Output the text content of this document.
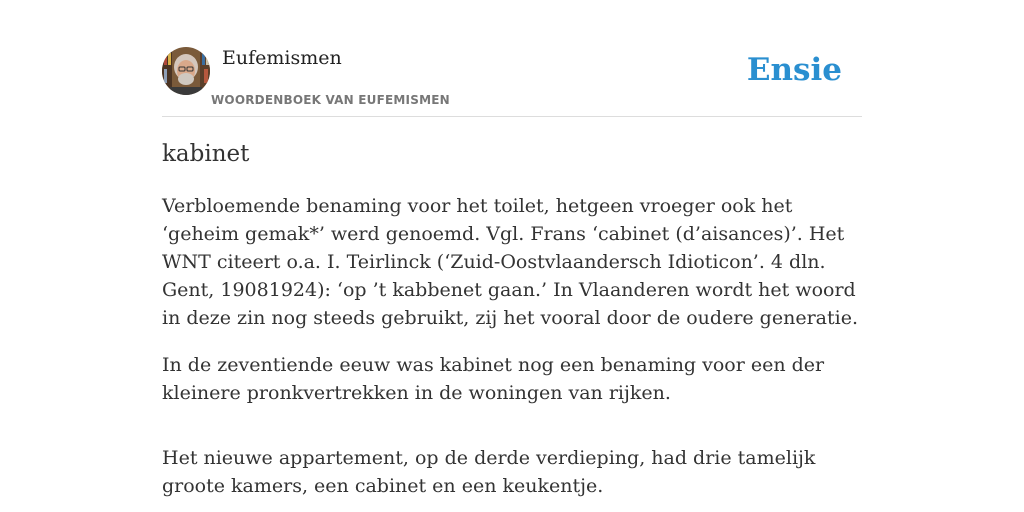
Eufemismen
WOORDENBOEK VAN EUFEMISMEN
Ensie
kabinet

Verbloemende benaming voor het toilet, hetgeen vroeger ook het ‘geheim gemak*’ werd genoemd. Vgl. Frans ‘cabinet (d’aisances)’. Het WNT citeert o.a. I. Teirlinck (‘Zuid-Oostvlaandersch Idioticon’. 4 dln. Gent, 19081924): ‘op ’t kabbenet gaan.’ In Vlaanderen wordt het woord in deze zin nog steeds gebruikt, zij het vooral door de oudere generatie.

In de zeventiende eeuw was kabinet nog een benaming voor een der kleinere pronkvertrekken in de woningen van rijken.

Het nieuwe appartement, op de derde verdieping, had drie tamelijk groote kamers, een cabinet en een keukentje.
